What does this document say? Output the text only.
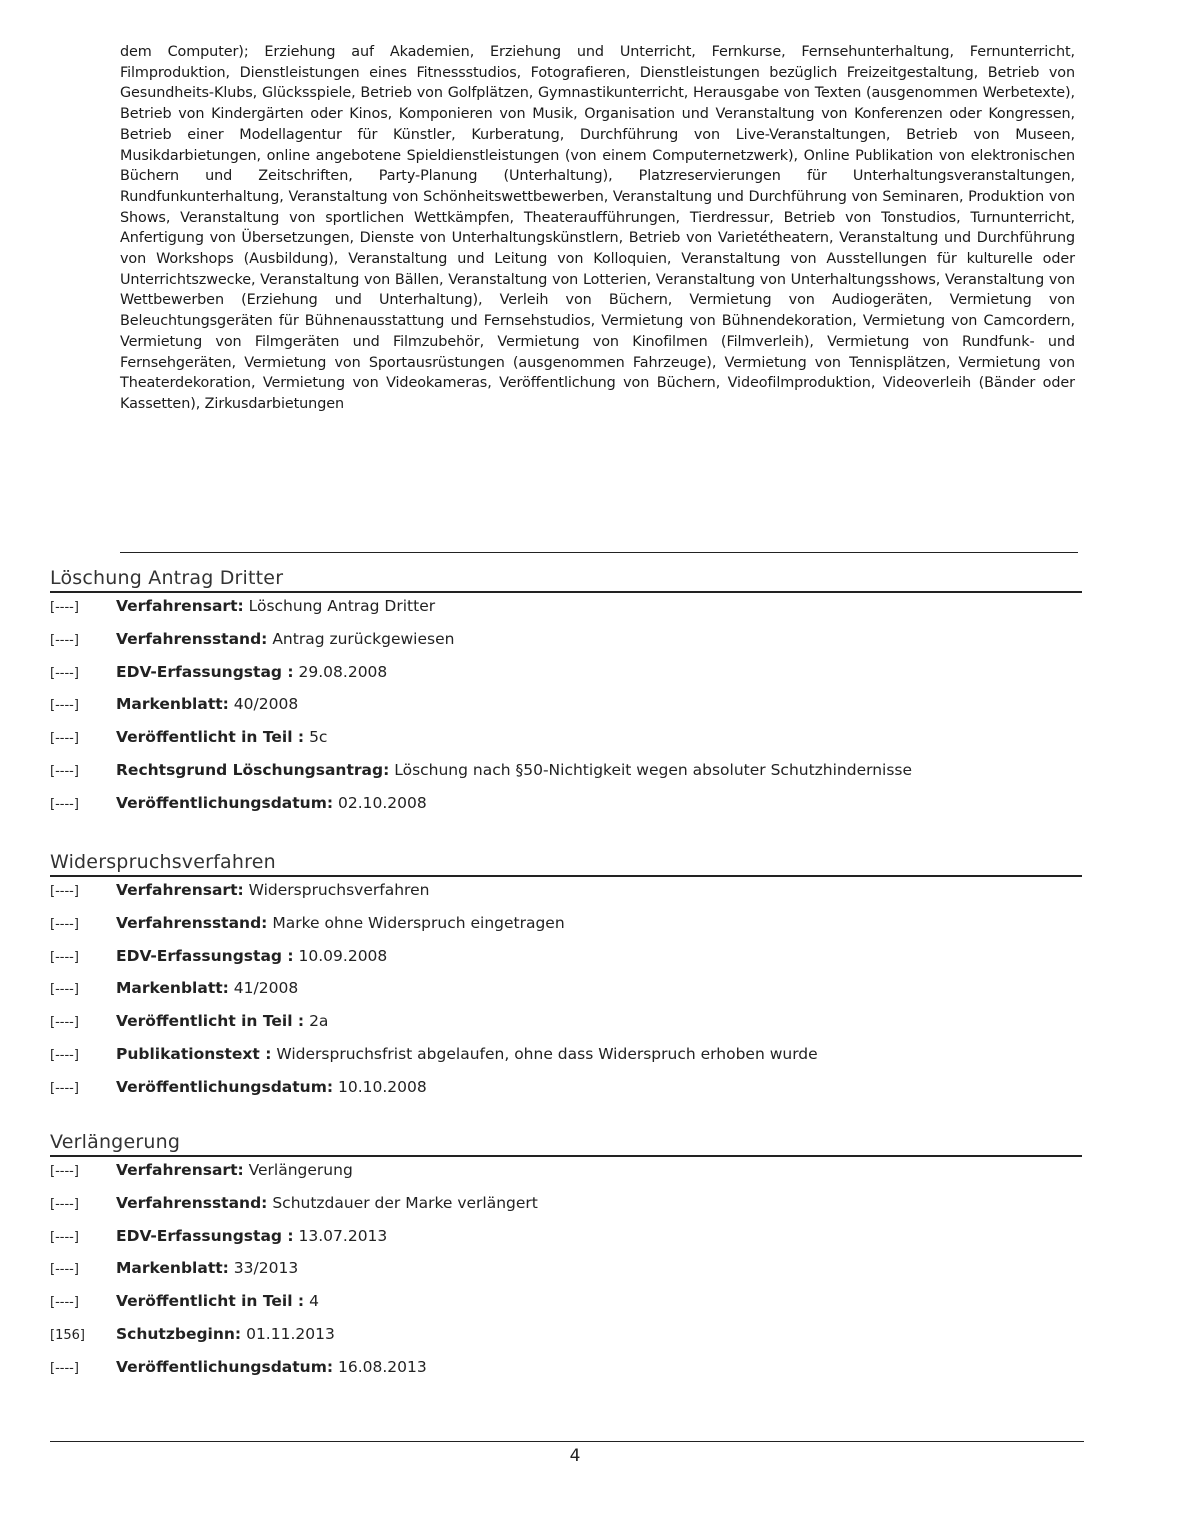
dem Computer); Erziehung auf Akademien, Erziehung und Unterricht, Fernkurse, Fernsehunterhaltung, Fernunterricht, Filmproduktion, Dienstleistungen eines Fitnessstudios, Fotografieren, Dienstleistungen bezüglich Freizeitgestaltung, Betrieb von Gesundheits-Klubs, Glücksspiele, Betrieb von Golfplätzen, Gymnastikunterricht, Herausgabe von Texten (ausgenommen Werbetexte), Betrieb von Kindergärten oder Kinos, Komponieren von Musik, Organisation und Veranstaltung von Konferenzen oder Kongressen, Betrieb einer Modellagentur für Künstler, Kurberatung, Durchführung von Live-Veranstaltungen, Betrieb von Museen, Musikdarbietungen, online angebotene Spieldienstleistungen (von einem Computernetzwerk), Online Publikation von elektronischen Büchern und Zeitschriften, Party-Planung (Unterhaltung), Platzreservierungen für Unterhaltungsveranstaltungen, Rundfunkunterhaltung, Veranstaltung von Schönheitswettbewerben, Veranstaltung und Durchführung von Seminaren, Produktion von Shows, Veranstaltung von sportlichen Wettkämpfen, Theateraufführungen, Tierdressur, Betrieb von Tonstudios, Turnunterricht, Anfertigung von Übersetzungen, Dienste von Unterhaltungskünstlern, Betrieb von Varietétheatern, Veranstaltung und Durchführung von Workshops (Ausbildung), Veranstaltung und Leitung von Kolloquien, Veranstaltung von Ausstellungen für kulturelle oder Unterrichtszwecke, Veranstaltung von Bällen, Veranstaltung von Lotterien, Veranstaltung von Unterhaltungsshows, Veranstaltung von Wettbewerben (Erziehung und Unterhaltung), Verleih von Büchern, Vermietung von Audiogeräten, Vermietung von Beleuchtungsgeräten für Bühnenausstattung und Fernsehstudios, Vermietung von Bühnendekoration, Vermietung von Camcordern, Vermietung von Filmgeräten und Filmzubehör, Vermietung von Kinofilmen (Filmverleih), Vermietung von Rundfunk- und Fernsehgeräten, Vermietung von Sportausrüstungen (ausgenommen Fahrzeuge), Vermietung von Tennisplätzen, Vermietung von Theaterdekoration, Vermietung von Videokameras, Veröffentlichung von Büchern, Videofilmproduktion, Videoverleih (Bänder oder Kassetten), Zirkusdarbietungen
Löschung Antrag Dritter
[----]	Verfahrensart:
Löschung Antrag Dritter
[----]	Verfahrensstand:
Antrag zurückgewiesen
[----]	EDV-Erfassungstag :
29.08.2008
[----]	Markenblatt:
40/2008
[----]	Veröffentlicht in Teil :
5c
[----]	Rechtsgrund Löschungsantrag:
Löschung nach §50-Nichtigkeit wegen absoluter Schutzhindernisse
[----]	Veröffentlichungsdatum:
02.10.2008
Widerspruchsverfahren
[----]	Verfahrensart:
Widerspruchsverfahren
[----]	Verfahrensstand:
Marke ohne Widerspruch eingetragen
[----]	EDV-Erfassungstag :
10.09.2008
[----]	Markenblatt:
41/2008
[----]	Veröffentlicht in Teil :
2a
[----]	Publikationstext :
Widerspruchsfrist abgelaufen, ohne dass Widerspruch erhoben wurde
[----]	Veröffentlichungsdatum:
10.10.2008
Verlängerung
[----]	Verfahrensart:
Verlängerung
[----]	Verfahrensstand:
Schutzdauer der Marke verlängert
[----]	EDV-Erfassungstag :
13.07.2013
[----]	Markenblatt:
33/2013
[----]	Veröffentlicht in Teil :
4
[156]	Schutzbeginn:
01.11.2013
[----]	Veröffentlichungsdatum:
16.08.2013
4
